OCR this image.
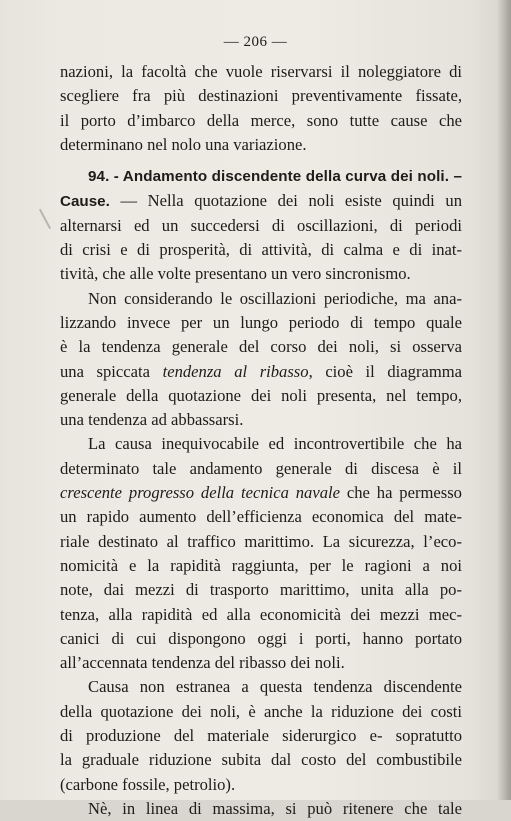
— 206 —
nazioni, la facoltà che vuole riservarsi il noleggiatore di
scegliere fra più destinazioni preventivamente fissate,
il porto d’imbarco della merce, sono tutte cause che
determinano nel nolo una variazione.
94. - Andamento discendente della curva dei noli. –
Cause. — Nella quotazione dei noli esiste quindi un
alternarsi ed un succedersi di oscillazioni, di periodi
di crisi e di prosperità, di attività, di calma e di inat-
tività, che alle volte presentano un vero sincronismo.
Non considerando le oscillazioni periodiche, ma ana-
lizzando invece per un lungo periodo di tempo quale
è la tendenza generale del corso dei noli, si osserva
una spiccata tendenza al ribasso, cioè il diagramma
generale della quotazione dei noli presenta, nel tempo,
una tendenza ad abbassarsi.
La causa inequivocabile ed incontrovertibile che ha
determinato tale andamento generale di discesa è il
crescente progresso della tecnica navale che ha permesso
un rapido aumento dell’efficienza economica del mate-
riale destinato al traffico marittimo. La sicurezza, l’eco-
nomicità e la rapidità raggiunta, per le ragioni a noi
note, dai mezzi di trasporto marittimo, unita alla po-
tenza, alla rapidità ed alla economicità dei mezzi mec-
canici di cui dispongono oggi i porti, hanno portato
all’accennata tendenza del ribasso dei noli.
Causa non estranea a questa tendenza discendente
della quotazione dei noli, è anche la riduzione dei costi
di produzione del materiale siderurgico e- sopratutto
la graduale riduzione subita dal costo del combustibile
(carbone fossile, petrolio).
Nè, in linea di massima, si può ritenere che tale
